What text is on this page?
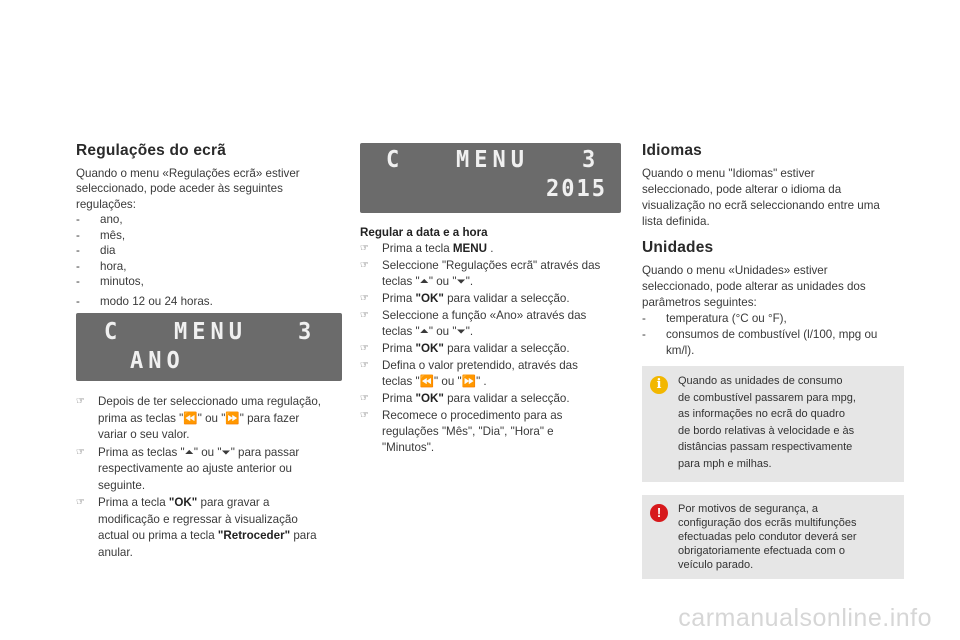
Regulações do ecrã

Quando o menu «Regulações ecrã» estiver

seleccionado, pode aceder às seguintes

regulações:

-	ano,
-	mês,
-	dia
-	hora,
-	minutos,
-	modo 12 ou 24 horas.
C MENU 3
ANO
☞	Depois de ter seleccionado uma regulação,
prima as teclas "⏪" ou "⏩" para fazer
variar o seu valor.
☞	Prima as teclas "⏶" ou "⏷" para passar
respectivamente ao ajuste anterior ou
seguinte.
☞	Prima a tecla "OK" para gravar a
modificação e regressar à visualização
actual ou prima a tecla "Retroceder" para
anular.
C MENU 3
2015

Regular a data e a hora

☞	Prima a tecla MENU .
☞	Seleccione "Regulações ecrã" através das
teclas "⏶" ou "⏷".
☞	Prima "OK" para validar a selecção.
☞	Seleccione a função «Ano» através das
teclas "⏶" ou "⏷".
☞	Prima "OK" para validar a selecção.
☞	Defina o valor pretendido, através das
teclas "⏪" ou "⏩" .
☞	Prima "OK" para validar a selecção.
☞	Recomece o procedimento para as
regulações "Mês", "Dia", "Hora" e
"Minutos".
Idiomas

Quando o menu "Idiomas" estiver

seleccionado, pode alterar o idioma da

visualização no ecrã seleccionando entre uma

lista definida.

Unidades

Quando o menu «Unidades» estiver

seleccionado, pode alterar as unidades dos

parâmetros seguintes:

-	temperatura (°C ou °F),
-	consumos de combustível (l/100, mpg ou
km/l).
i	Quando as unidades de consumo

de combustível passarem para mpg,

as informações no ecrã do quadro

de bordo relativas à velocidade e às

distâncias passam respectivamente

para mph e milhas.

!	Por motivos de segurança, a

configuração dos ecrãs multifunções

efectuadas pelo condutor deverá ser

obrigatoriamente efectuada com o

veículo parado.

carmanualsonline.info
